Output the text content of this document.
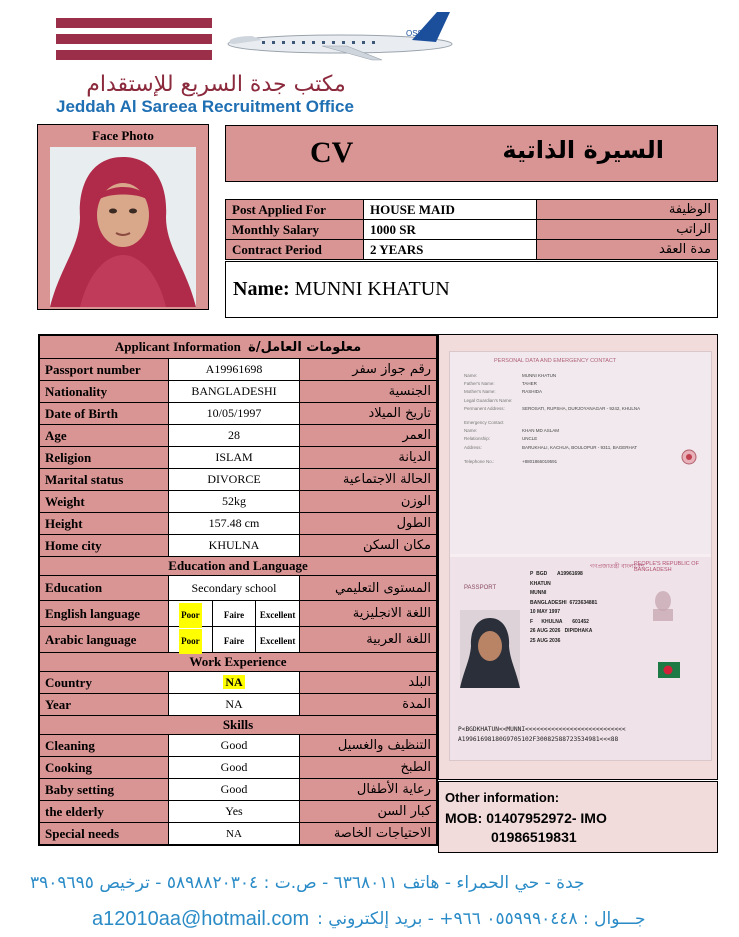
OSSA
مكتب جدة السريع للإستقدام
Jeddah Al Sareea Recruitment Office
Face Photo
CV	السيرة الذاتية
Post Applied For	HOUSE MAID	الوظيفة
Monthly Salary	1000 SR	الراتب
Contract Period	2 YEARS	مدة العقد
Name: MUNNI KHATUN
Applicant Information معلومات العامل/ة		
Passport number	A19961698	رقم جواز سفر
Nationality	BANGLADESHI	الجنسية
Date of Birth	10/05/1997	تاريخ الميلاد
Age	28	العمر
Religion	ISLAM	الديانة
Marital status	DIVORCE	الحالة الاجتماعية
Weight	52kg	الوزن
Height	157.48 cm	الطول
Home city	KHULNA	مكان السكن
Education and Language		
Education	Secondary school	المستوى التعليمي
English language	Poor Faire Excellent	اللغة الانجليزية
Arabic language	Poor Faire Excellent	اللغة العربية
Work Experience		
Country	NA	البلد
Year	NA	المدة
Skills		
Cleaning	Good	التنظيف والغسيل
Cooking	Good	الطبخ
Baby setting	Good	رعاية الأطفال
the elderly	Yes	كبار السن
Special needs	NA	الاحتياجات الخاصة
PERSONAL DATA AND EMERGENCY CONTACT
Name:	MUNNI KHATUN
Father's Name:	TAHER
Mother's Name:	RASHIDA
Legal Guardian's Name:
Permanent Address:	SEROSATI, RUPSHA, DURJOYANAGAR - 9242, KHULNA
Emergency Contact
Name:	KHAN MD ASLAM
Relationship:	UNCLE
Address:	BARUKHALI, KACHUA, BOULOPUR - 9311, BAGERHAT
Telephone No.:	+8801866019591
গণপ্রজাতন্ত্রী বাংলাদেশ
PEOPLE'S REPUBLIC OF BANGLADESH
PASSPORT
P BGD A19961698
KHATUN
MUNNI
BANGLADESHI 6723634881
10 MAY 1997
F KHULNA 601452
26 AUG 2026 DIP/DHAKA
25 AUG 2036
P<BGDKHATUN<<MUNNI<<<<<<<<<<<<<<<<<<<<<<<<<<<
A19961698180G9705102F30082588723534981<<<88
Other information:
MOB: 01407952972- IMO
01986519831
جدة - حي الحمراء - هاتف ٦٣٦٨٠١١ - ص.ت : ٥٨٩٨٨٢٠٣٠٤ - ترخيص ٣٩٠٩٦٩٥
a12010aa@hotmail.com جـــوال : ٠٥٥٩٩٩٠٤٤٨ ٩٦٦+ - بريد إلكتروني :
